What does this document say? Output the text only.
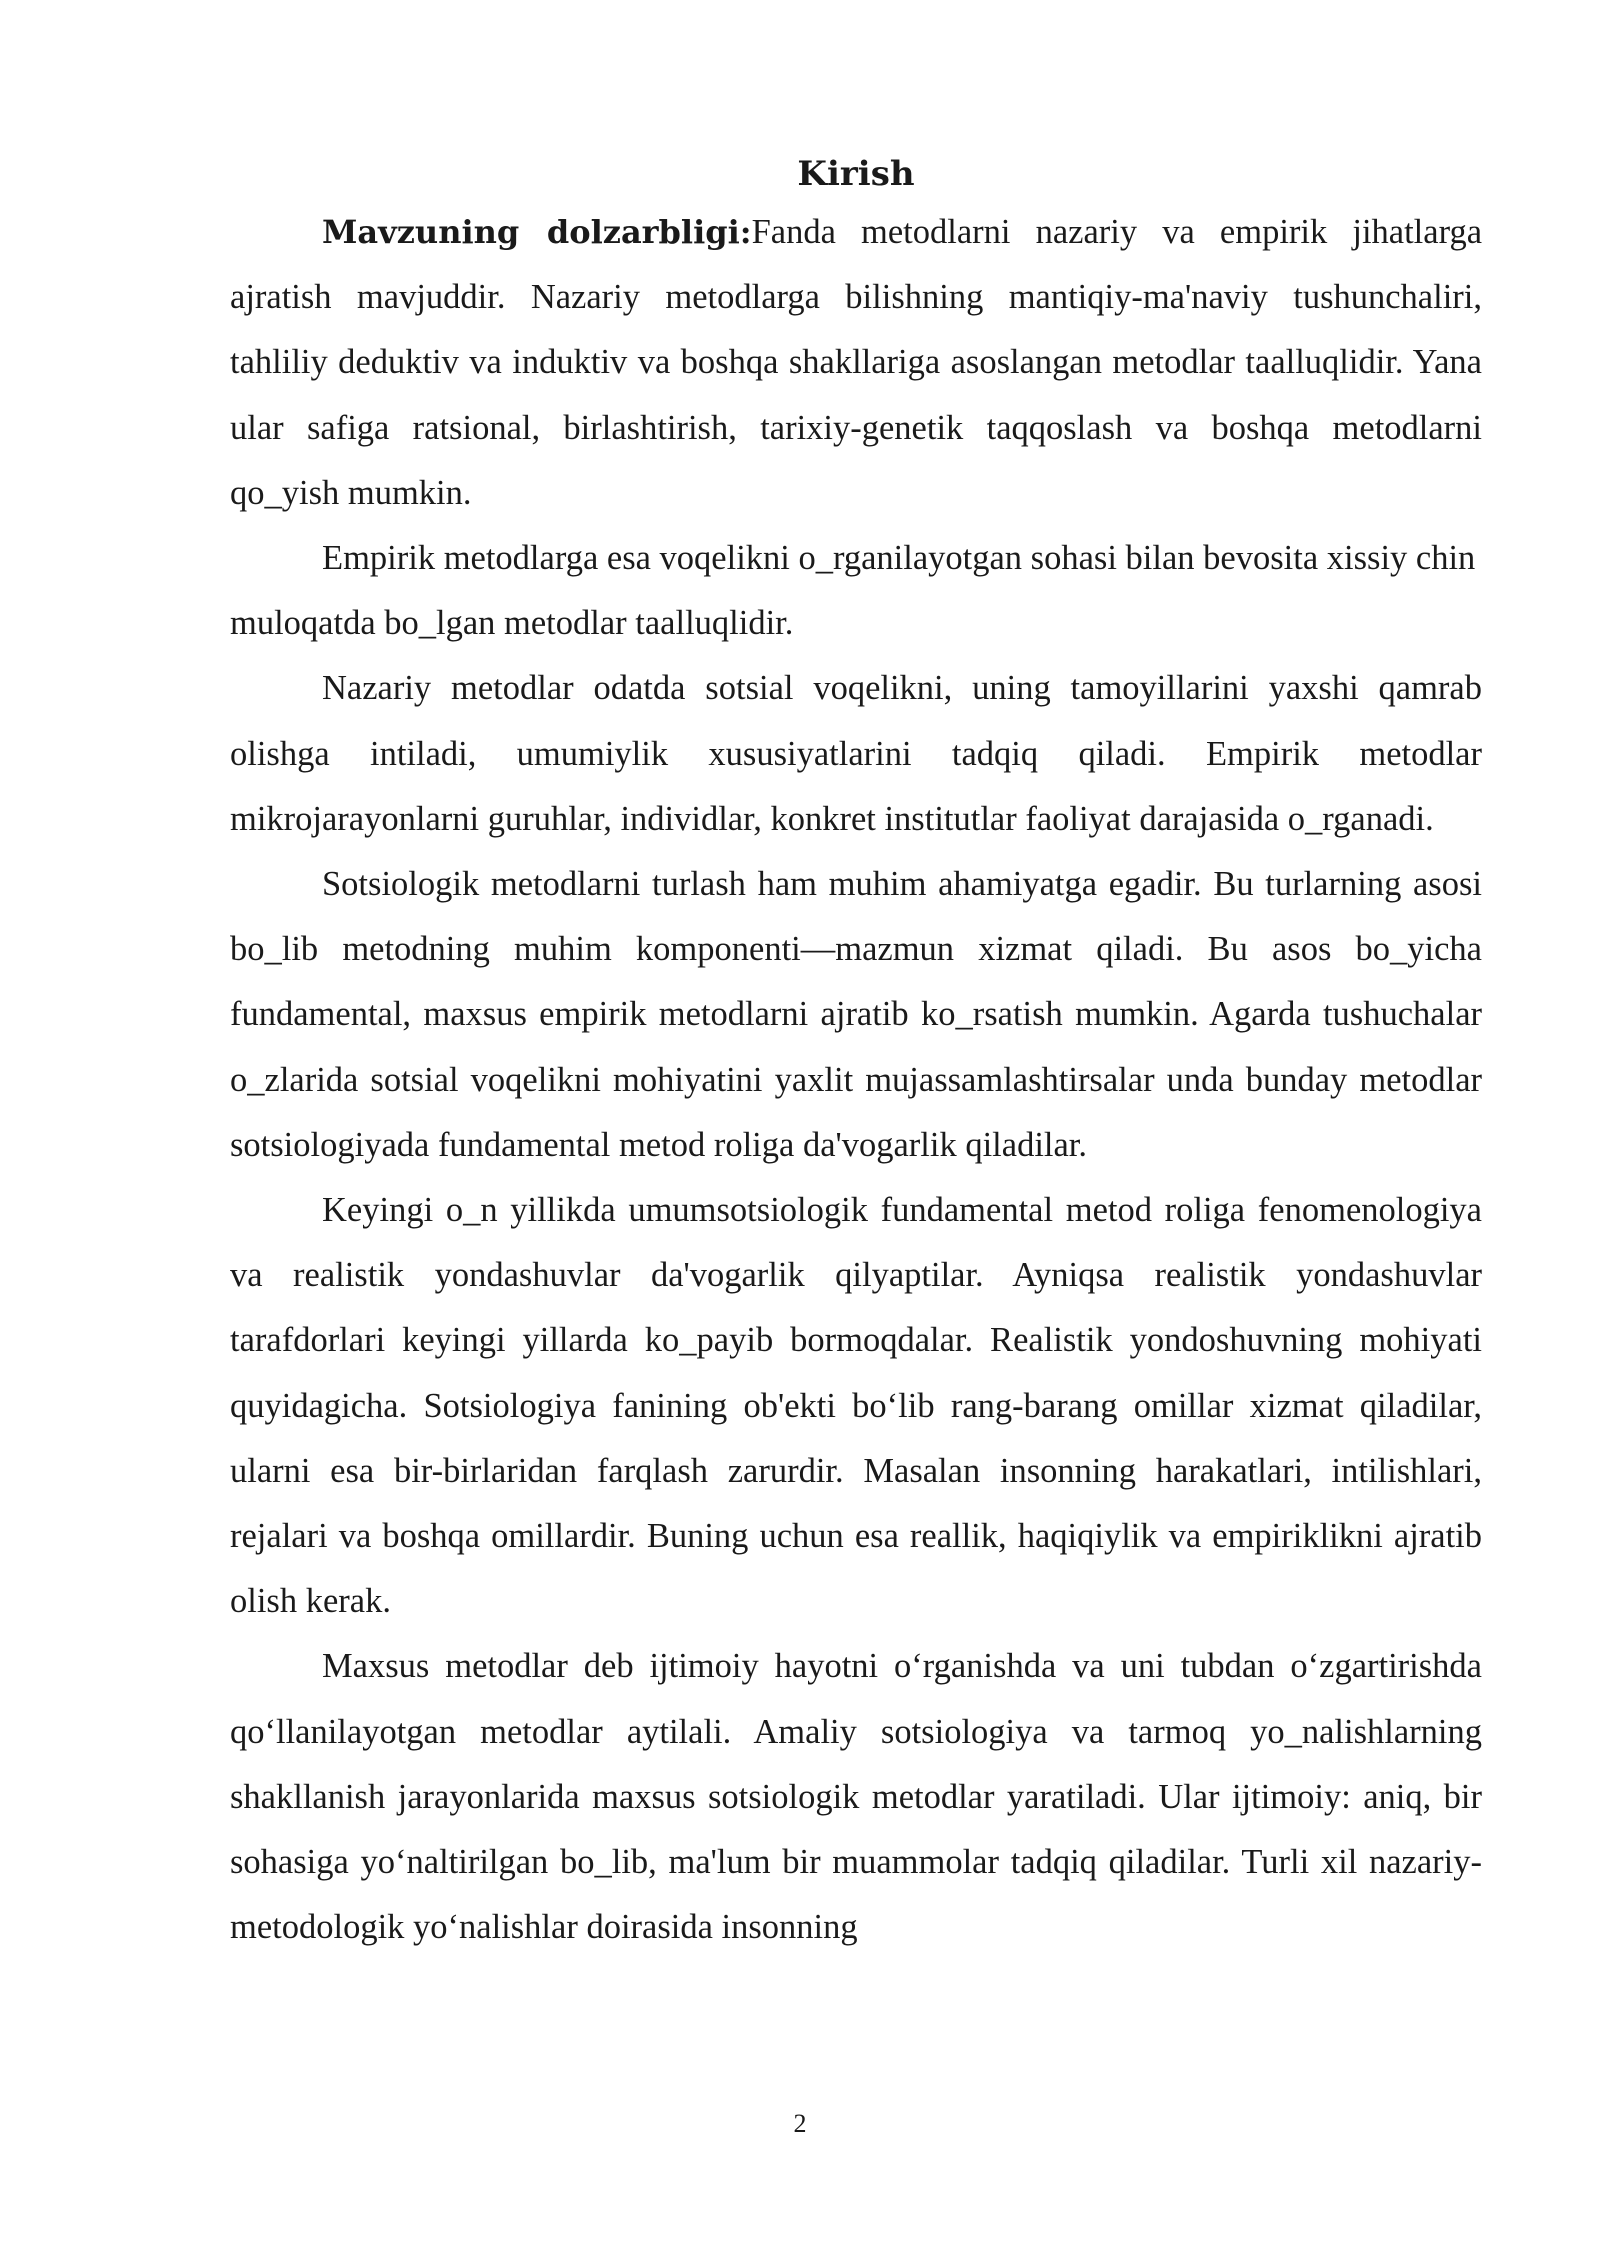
Kirish

Mavzuning dolzarbligi:Fanda metodlarni nazariy va empirik jihatlarga ajratish mavjuddir. Nazariy metodlarga bilishning mantiqiy-ma'naviy tushunchaliri, tahliliy deduktiv va induktiv va boshqa shakllariga asoslangan metodlar taalluqlidir. Yana ular safiga ratsional, birlashtirish, tarixiy-genetik taqqoslash va boshqa metodlarni qo_yish mumkin.

Empirik metodlarga esa voqelikni o_rganilayotgan sohasi bilan bevosita xissiy chin muloqatda bo_lgan metodlar taalluqlidir.

Nazariy metodlar odatda sotsial voqelikni, uning tamoyillarini yaxshi qamrab olishga intiladi, umumiylik xususiyatlarini tadqiq qiladi. Empirik metodlar mikrojarayonlarni guruhlar, individlar, konkret institutlar faoliyat darajasida o_rganadi.

Sotsiologik metodlarni turlash ham muhim ahamiyatga egadir. Bu turlarning asosi bo_lib metodning muhim komponenti—mazmun xizmat qiladi. Bu asos bo_yicha fundamental, maxsus empirik metodlarni ajratib ko_rsatish mumkin. Agarda tushuchalar o_zlarida sotsial voqelikni mohiyatini yaxlit mujassamlashtirsalar unda bunday metodlar sotsiologiyada fundamental metod roliga da'vogarlik qiladilar.

Keyingi o_n yillikda umumsotsiologik fundamental metod roliga fenomenologiya va realistik yondashuvlar da'vogarlik qilyaptilar. Ayniqsa realistik yondashuvlar tarafdorlari keyingi yillarda ko_payib bormoqdalar. Realistik yondoshuvning mohiyati quyidagicha. Sotsiologiya fanining ob'ekti bo‘lib rang-barang omillar xizmat qiladilar, ularni esa bir-birlaridan farqlash zarurdir. Masalan insonning harakatlari, intilishlari, rejalari va boshqa omillardir. Buning uchun esa reallik, haqiqiylik va empiriklikni ajratib olish kerak.

Maxsus metodlar deb ijtimoiy hayotni o‘rganishda va uni tubdan o‘zgartirishda qo‘llanilayotgan metodlar aytilali. Amaliy sotsiologiya va tarmoq yo_nalishlarning shakllanish jarayonlarida maxsus sotsiologik metodlar yaratiladi. Ular ijtimoiy: aniq, bir sohasiga yo‘naltirilgan bo_lib, ma'lum bir muammolar tadqiq qiladilar. Turli xil nazariy-metodologik yo‘nalishlar doirasida insonning

2
